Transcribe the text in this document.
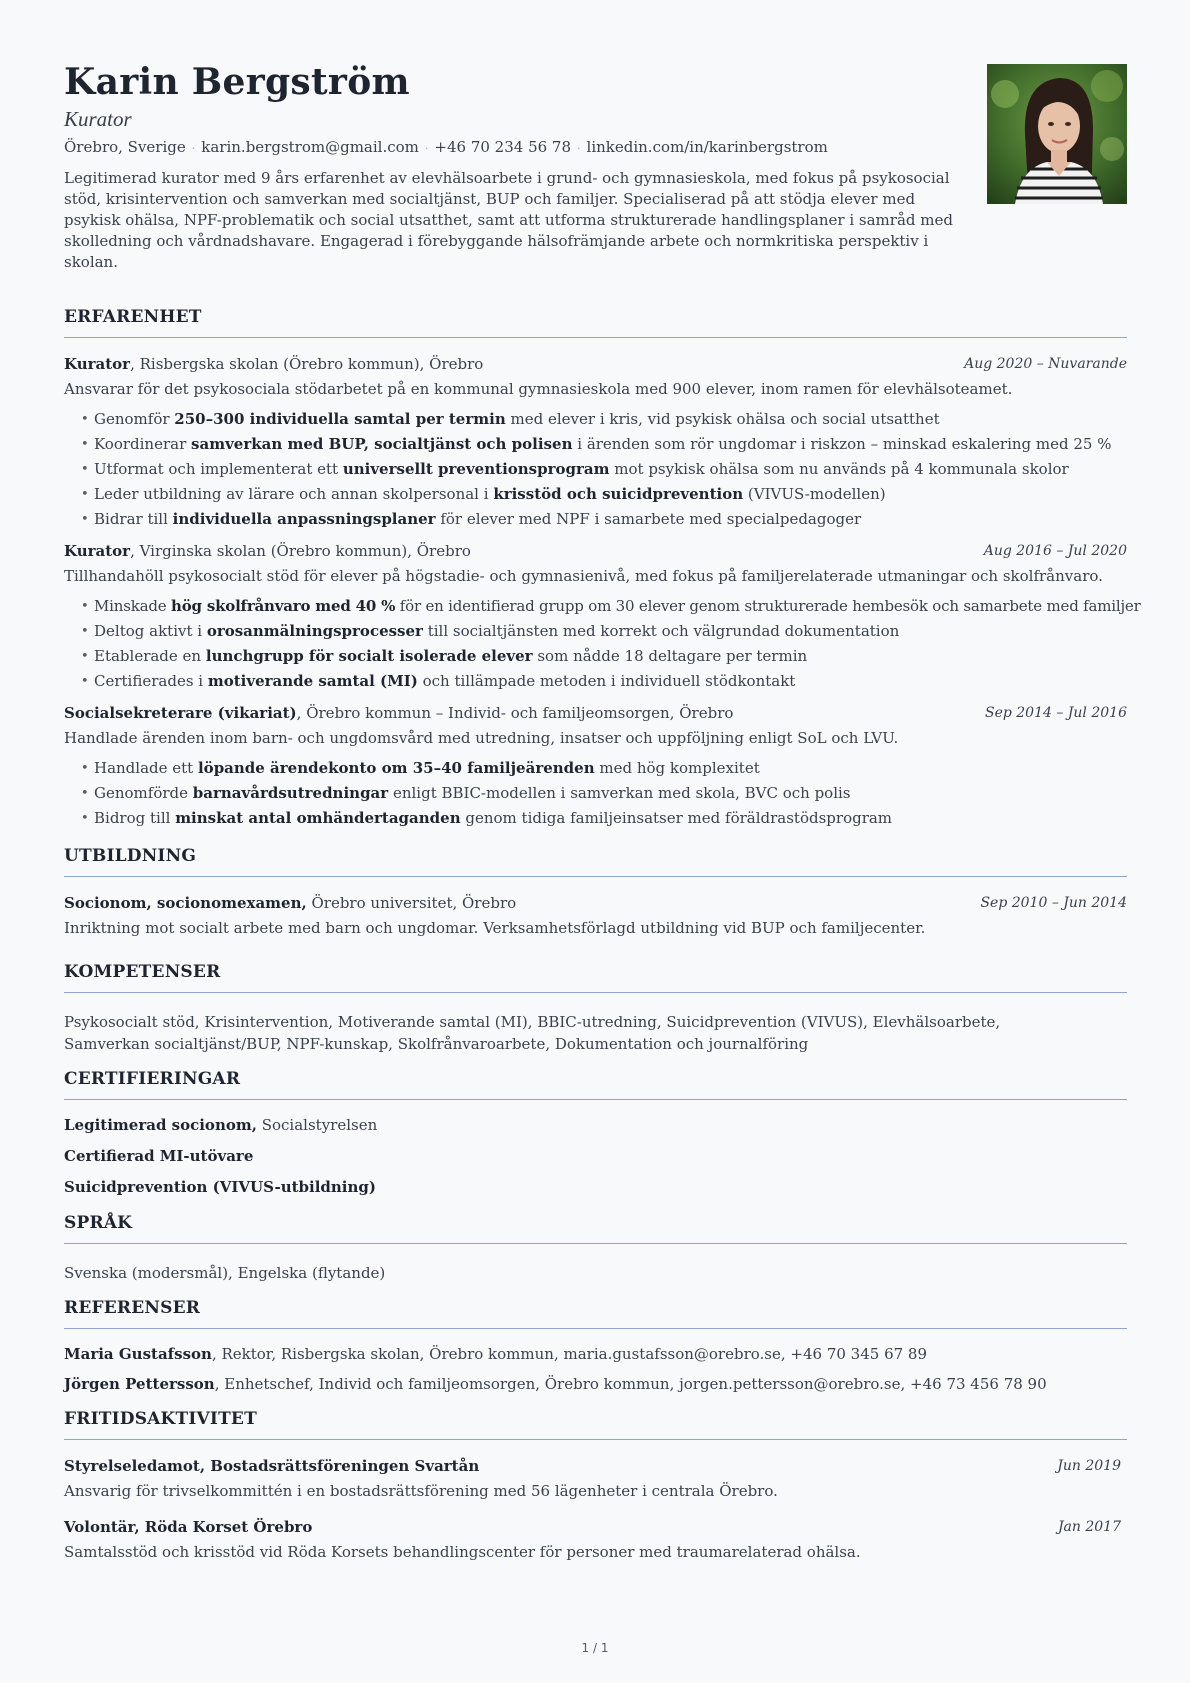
Karin Bergström
Kurator
Örebro, Sverige · karin.bergstrom@gmail.com · +46 70 234 56 78 · linkedin.com/in/karinbergstrom
Legitimerad kurator med 9 års erfarenhet av elevhälsoarbete i grund- och gymnasieskola, med fokus på psykosocial stöd, krisintervention och samverkan med socialtjänst, BUP och familjer. Specialiserad på att stödja elever med psykisk ohälsa, NPF-problematik och social utsatthet, samt att utforma strukturerade handlingsplaner i samråd med skolledning och vårdnadshavare. Engagerad i förebyggande hälsofrämjande arbete och normkritiska perspektiv i skolan.
ERFARENHET
Kurator, Risbergska skolan (Örebro kommun), Örebro	Aug 2020 – Nuvarande
Ansvarar för det psykosociala stödarbetet på en kommunal gymnasieskola med 900 elever, inom ramen för elevhälsoteamet.
• Genomför 250–300 individuella samtal per termin med elever i kris, vid psykisk ohälsa och social utsatthet
• Koordinerar samverkan med BUP, socialtjänst och polisen i ärenden som rör ungdomar i riskzon – minskad eskalering med 25 %
• Utformat och implementerat ett universellt preventionsprogram mot psykisk ohälsa som nu används på 4 kommunala skolor
• Leder utbildning av lärare och annan skolpersonal i krisstöd och suicidprevention (VIVUS-modellen)
• Bidrar till individuella anpassningsplaner för elever med NPF i samarbete med specialpedagoger
Kurator, Virginska skolan (Örebro kommun), Örebro	Aug 2016 – Jul 2020
Tillhandahöll psykosocialt stöd för elever på högstadie- och gymnasienivå, med fokus på familjerelaterade utmaningar och skolfrånvaro.
• Minskade hög skolfrånvaro med 40 % för en identifierad grupp om 30 elever genom strukturerade hembesök och samarbete med familjer
• Deltog aktivt i orosanmälningsprocesser till socialtjänsten med korrekt och välgrundad dokumentation
• Etablerade en lunchgrupp för socialt isolerade elever som nådde 18 deltagare per termin
• Certifierades i motiverande samtal (MI) och tillämpade metoden i individuell stödkontakt
Socialsekreterare (vikariat), Örebro kommun – Individ- och familjeomsorgen, Örebro	Sep 2014 – Jul 2016
Handlade ärenden inom barn- och ungdomsvård med utredning, insatser och uppföljning enligt SoL och LVU.
• Handlade ett löpande ärendekonto om 35–40 familjeärenden med hög komplexitet
• Genomförde barnavårdsutredningar enligt BBIC-modellen i samverkan med skola, BVC och polis
• Bidrog till minskat antal omhändertaganden genom tidiga familjeinsatser med föräldrastödsprogram
UTBILDNING
Socionom, socionomexamen, Örebro universitet, Örebro	Sep 2010 – Jun 2014
Inriktning mot socialt arbete med barn och ungdomar. Verksamhetsförlagd utbildning vid BUP och familjecenter.
KOMPETENSER
Psykosocialt stöd, Krisintervention, Motiverande samtal (MI), BBIC-utredning, Suicidprevention (VIVUS), Elevhälsoarbete, Samverkan socialtjänst/BUP, NPF-kunskap, Skolfrånvaroarbete, Dokumentation och journalföring
CERTIFIERINGAR
Legitimerad socionom, Socialstyrelsen
Certifierad MI-utövare
Suicidprevention (VIVUS-utbildning)
SPRÅK
Svenska (modersmål), Engelska (flytande)
REFERENSER
Maria Gustafsson, Rektor, Risbergska skolan, Örebro kommun, maria.gustafsson@orebro.se, +46 70 345 67 89
Jörgen Pettersson, Enhetschef, Individ och familjeomsorgen, Örebro kommun, jorgen.pettersson@orebro.se, +46 73 456 78 90
FRITIDSAKTIVITET
Styrelseledamot, Bostadsrättsföreningen Svartån	Jun 2019
Ansvarig för trivselkommittén i en bostadsrättsförening med 56 lägenheter i centrala Örebro.
Volontär, Röda Korset Örebro	Jan 2017
Samtalsstöd och krisstöd vid Röda Korsets behandlingscenter för personer med traumarelaterad ohälsa.
1 / 1
